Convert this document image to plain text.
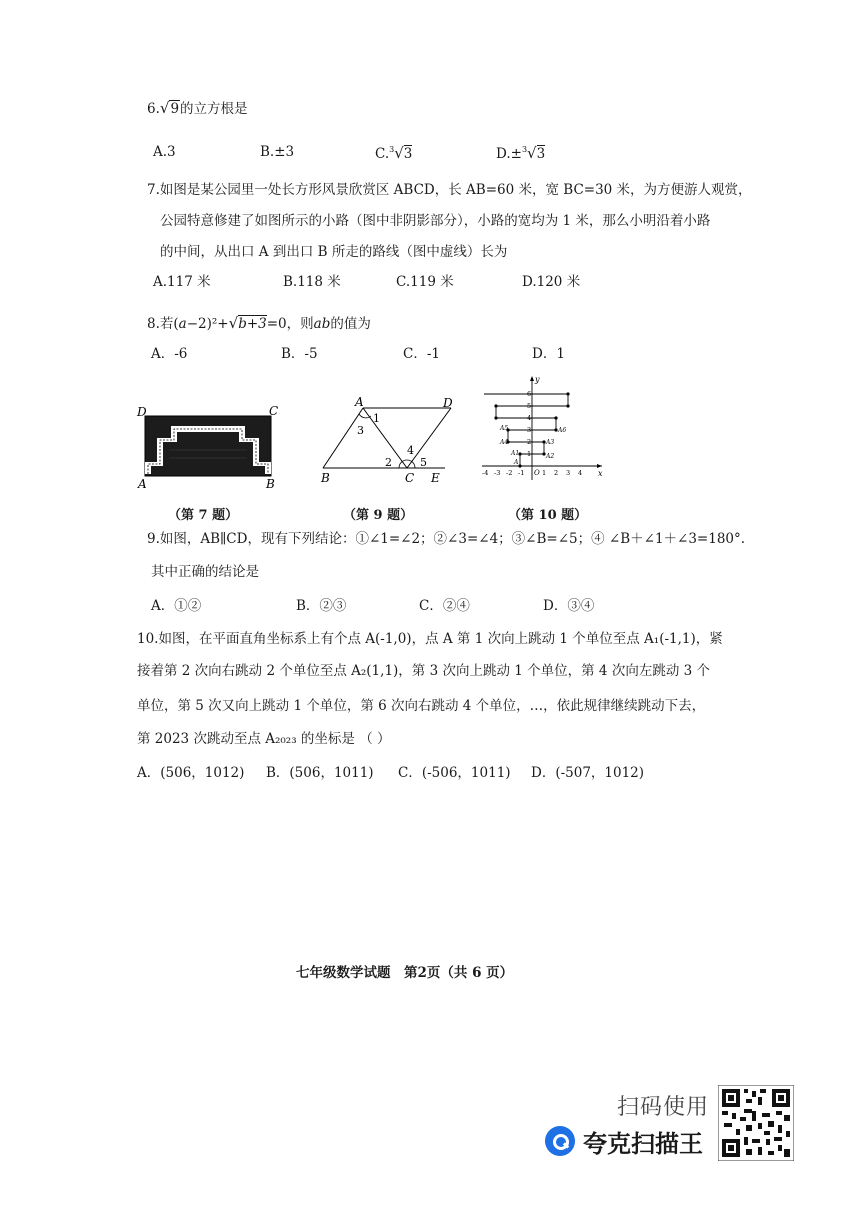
6.√9的立方根是
A.3	B.±3	C.$^3$√3	D.±$^3$√3
7.如图是某公园里一处长方形风景欣赏区 ABCD，长 AB=60 米，宽 BC=30 米，为方便游人观赏，
公园特意修建了如图所示的小路（图中非阴影部分），小路的宽均为 1 米，那么小明沿着小路
的中间，从出口 A 到出口 B 所走的路线（图中虚线）长为
A.117 米	B.118 米	C.119 米	D.120 米
8.若(a−2)²+√b+3=0，则ab的值为
A．-6	B．-5	C．-1	D．1
D	C
A	B
（第 7 题）
A	D
B	C E
1
3
2
4
5
（第 9 题）
y
x
O
-4 -3 -2 -1	1 2 3 4
1
2
3
4
5
6
A
A1	A2
A3
A4
A5	A6
（第 10 题）
9.如图，AB∥CD，现有下列结论：①∠1=∠2；②∠3=∠4；③∠B=∠5；④ ∠B＋∠1＋∠3=180°.
其中正确的结论是
A．①②	B．②③	C．②④	D．③④
10.如图，在平面直角坐标系上有个点 A(-1,0)，点 A 第 1 次向上跳动 1 个单位至点 A₁(-1,1)，紧
接着第 2 次向右跳动 2 个单位至点 A₂(1,1)，第 3 次向上跳动 1 个单位，第 4 次向左跳动 3 个
单位，第 5 次又向上跳动 1 个单位，第 6 次向右跳动 4 个单位，…，依此规律继续跳动下去，
第 2023 次跳动至点 A₂₀₂₃ 的坐标是 （ ）
A．(506，1012) B．(506，1011) C．(-506，1011) D．(-507，1012)
七年级数学试题　第2页（共 6 页）
扫码使用
夸克扫描王
